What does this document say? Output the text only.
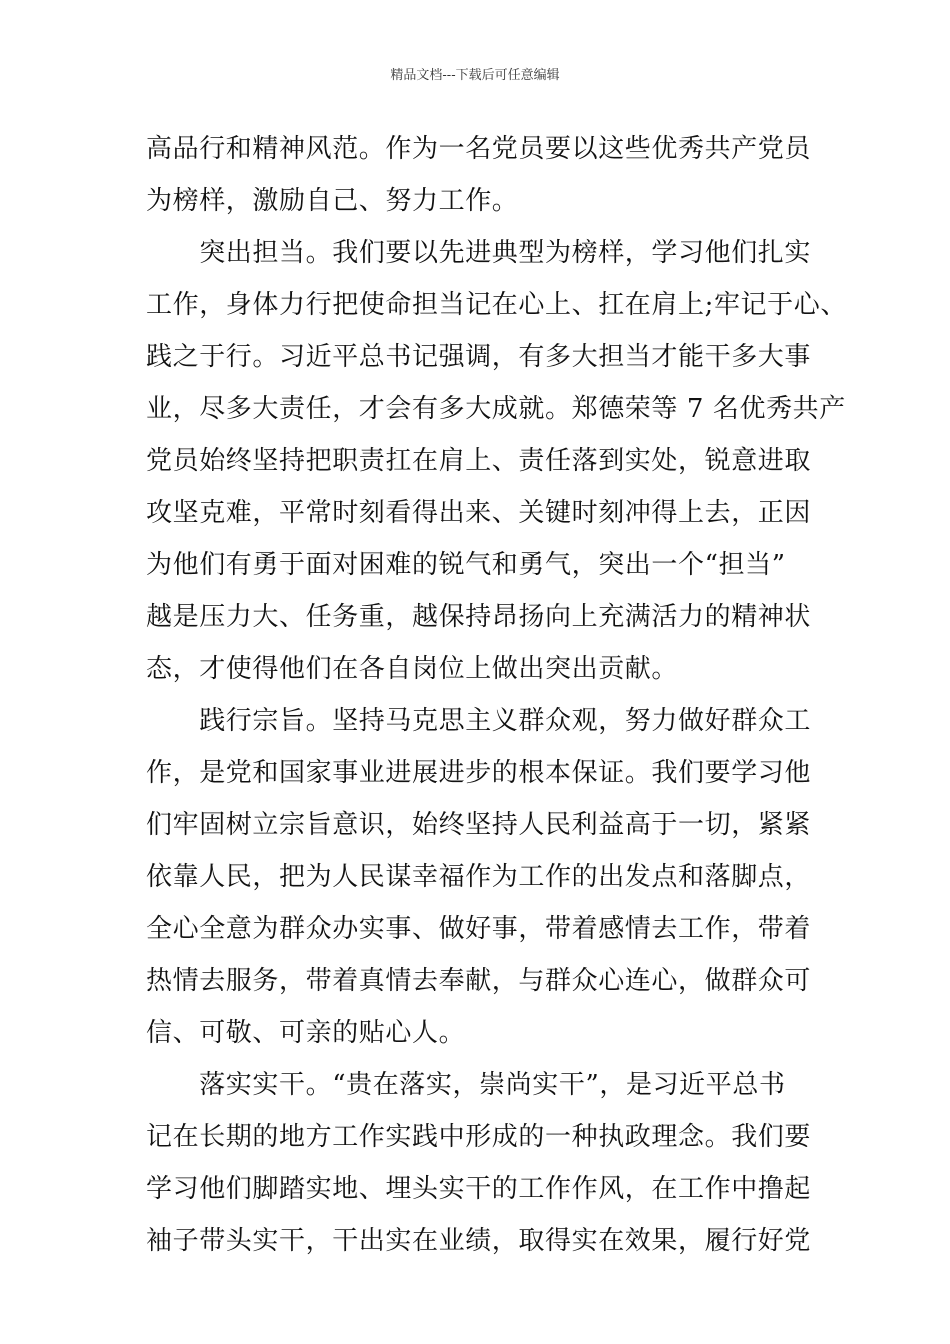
精品文档---下载后可任意编辑
高品行和精神风范。作为一名党员要以这些优秀共产党员
为榜样，激励自己、努力工作。
　　突出担当。我们要以先进典型为榜样，学习他们扎实
工作，身体力行把使命担当记在心上、扛在肩上;牢记于心、
践之于行。习近平总书记强调，有多大担当才能干多大事
业，尽多大责任，才会有多大成就。郑德荣等 7 名优秀共产
党员始终坚持把职责扛在肩上、责任落到实处，锐意进取
攻坚克难，平常时刻看得出来、关键时刻冲得上去，正因
为他们有勇于面对困难的锐气和勇气，突出一个“担当”
越是压力大、任务重，越保持昂扬向上充满活力的精神状
态，才使得他们在各自岗位上做出突出贡献。
　　践行宗旨。坚持马克思主义群众观，努力做好群众工
作，是党和国家事业进展进步的根本保证。我们要学习他
们牢固树立宗旨意识，始终坚持人民利益高于一切，紧紧
依靠人民，把为人民谋幸福作为工作的出发点和落脚点，
全心全意为群众办实事、做好事，带着感情去工作，带着
热情去服务，带着真情去奉献，与群众心连心，做群众可
信、可敬、可亲的贴心人。
　　落实实干。“贵在落实，崇尚实干”，是习近平总书
记在长期的地方工作实践中形成的一种执政理念。我们要
学习他们脚踏实地、埋头实干的工作作风，在工作中撸起
袖子带头实干，干出实在业绩，取得实在效果，履行好党
